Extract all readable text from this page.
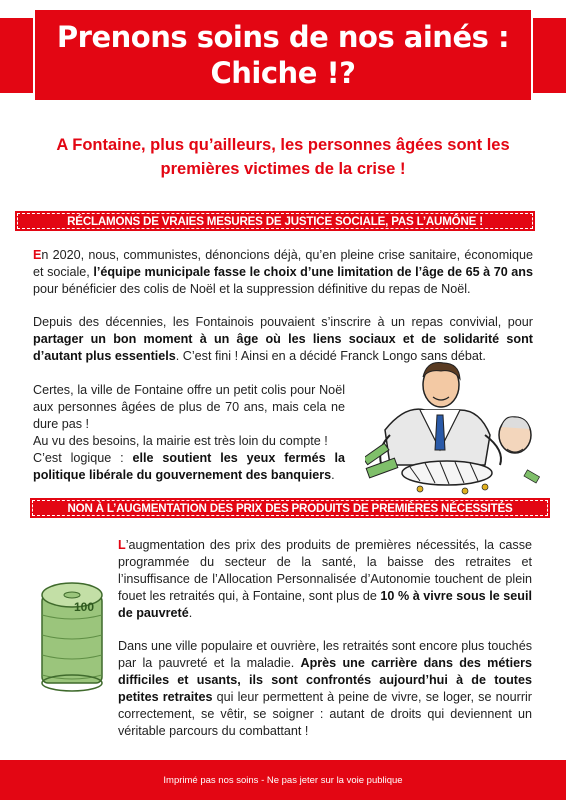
Prenons soins de nos ainés :
Chiche !?
A Fontaine, plus qu’ailleurs, les personnes âgées sont les premières victimes de la crise !
RÉCLAMONS DE VRAIES MESURES DE JUSTICE SOCIALE, PAS L’AUMÔNE !
En 2020, nous, communistes, dénoncions déjà, qu’en pleine crise sanitaire, économique et sociale, l’équipe municipale fasse le choix d’une limitation de l’âge de 65 à 70 ans pour bénéficier des colis de Noël et la suppression définitive du repas de Noël.
Depuis des décennies, les Fontainois pouvaient s’inscrire à un repas convivial, pour partager un bon moment à un âge où les liens sociaux et de solidarité sont d’autant plus essentiels. C’est fini ! Ainsi en a décidé Franck Longo sans débat.
Certes, la ville de Fontaine offre un petit colis pour Noël aux personnes âgées de plus de 70 ans, mais cela ne dure pas !
Au vu des besoins, la mairie est très loin du compte !
C’est logique : elle soutient les yeux fermés la politique libérale du gouvernement des banquiers.
NON À L’AUGMENTATION DES PRIX DES PRODUITS DE PREMIÈRES NÉCESSITÉS
100
L’augmentation des prix des produits de premières nécessités, la casse programmée du secteur de la santé, la baisse des retraites et l’insuffisance de l’Allocation Personnalisée d’Autonomie touchent de plein fouet les retraités qui, à Fontaine, sont plus de 10 % à vivre sous le seuil de pauvreté.
Dans une ville populaire et ouvrière, les retraités sont encore plus touchés par la pauvreté et la maladie. Après une carrière dans des métiers difficiles et usants, ils sont confrontés aujourd’hui à de toutes petites retraites qui leur permettent à peine de vivre, se loger, se nourrir correctement, se vêtir, se soigner : autant de droits qui deviennent un véritable parcours du combattant !
Imprimé pas nos soins - Ne pas jeter sur la voie publique
